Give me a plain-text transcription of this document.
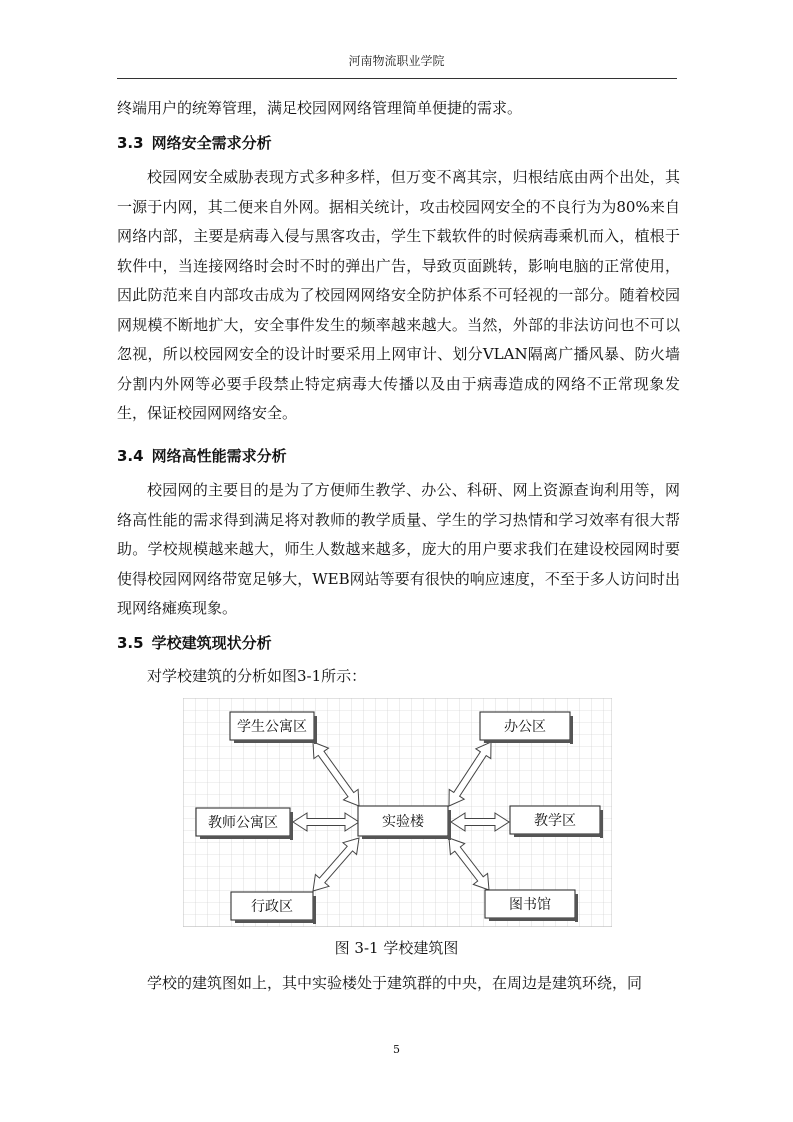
河南物流职业学院

终端用户的统筹管理，满足校园网网络管理简单便捷的需求。

3.3 网络安全需求分析

校园网安全威胁表现方式多种多样，但万变不离其宗，归根结底由两个出处，其一源于内网，其二便来自外网。据相关统计，攻击校园网安全的不良行为为80%来自网络内部，主要是病毒入侵与黑客攻击，学生下载软件的时候病毒乘机而入，植根于软件中，当连接网络时会时不时的弹出广告，导致页面跳转，影响电脑的正常使用，因此防范来自内部攻击成为了校园网网络安全防护体系不可轻视的一部分。随着校园网规模不断地扩大，安全事件发生的频率越来越大。当然，外部的非法访问也不可以忽视，所以校园网安全的设计时要采用上网审计、划分VLAN隔离广播风暴、防火墙分割内外网等必要手段禁止特定病毒大传播以及由于病毒造成的网络不正常现象发生，保证校园网网络安全。

3.4 网络高性能需求分析

校园网的主要目的是为了方便师生教学、办公、科研、网上资源查询利用等，网络高性能的需求得到满足将对教师的教学质量、学生的学习热情和学习效率有很大帮助。学校规模越来越大，师生人数越来越多，庞大的用户要求我们在建设校园网时要使得校园网网络带宽足够大，WEB网站等要有很快的响应速度，不至于多人访问时出现网络瘫痪现象。

3.5 学校建筑现状分析

对学校建筑的分析如图3-1所示：

学生公寓区
教师公寓区
行政区
实验楼
办公区
教学区
图书馆
图 3-1 学校建筑图

学校的建筑图如上，其中实验楼处于建筑群的中央，在周边是建筑环绕，同

5
